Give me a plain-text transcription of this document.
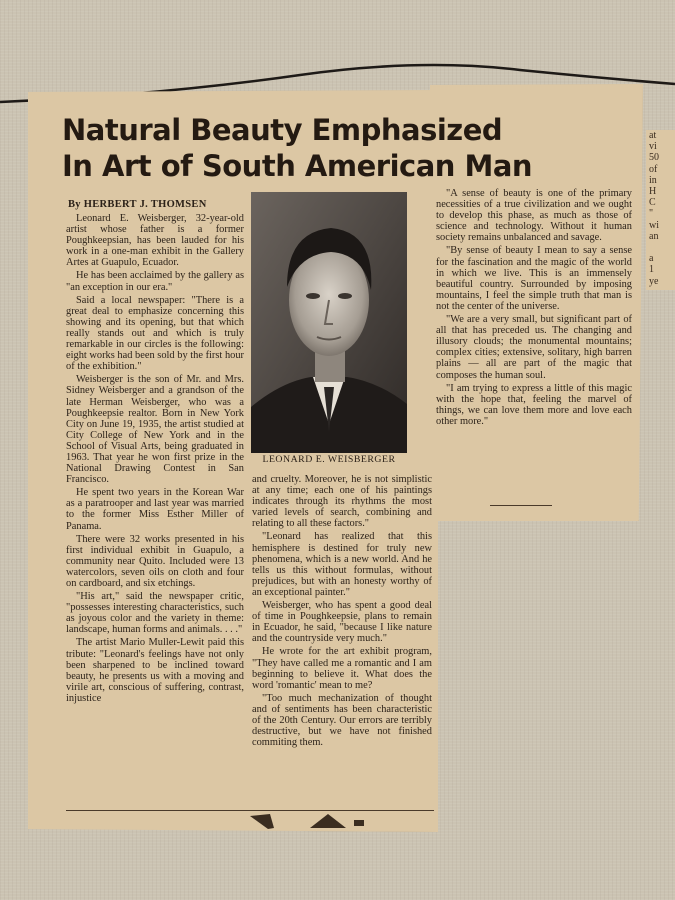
Natural Beauty Emphasized
In Art of South American Man
By HERBERT J. THOMSEN

Leonard E. Weisberger, 32-year-old artist whose father is a former Poughkeepsian, has been lauded for his work in a one-man exhibit in the Gallery Artes at Guapulo, Ecuador.

He has been acclaimed by the gallery as "an exception in our era."

Said a local newspaper: "There is a great deal to emphasize concerning this showing and its opening, but that which really stands out and which is truly remarkable in our circles is the following: eight works had been sold by the first hour of the exhibition."

Weisberger is the son of Mr. and Mrs. Sidney Weisberger and a grandson of the late Herman Weisberger, who was a Poughkeepsie realtor. Born in New York City on June 19, 1935, the artist studied at City College of New York and in the School of Visual Arts, being graduated in 1963. That year he won first prize in the National Drawing Contest in San Francisco.

He spent two years in the Korean War as a paratrooper and last year was married to the former Miss Esther Miller of Panama.

There were 32 works presented in his first individual exhibit in Guapulo, a community near Quito. Included were 13 watercolors, seven oils on cloth and four on cardboard, and six etchings.

"His art," said the newspaper critic, "possesses interesting characteristics, such as joyous color and the variety in theme: landscape, human forms and animals. . . ."

The artist Mario Muller-Lewit paid this tribute: "Leonard's feelings have not only been sharpened to be inclined toward beauty, he presents us with a moving and virile art, conscious of suffering, contrast, injustice

LEONARD E. WEISBERGER

and cruelty. Moreover, he is not simplistic at any time; each one of his paintings indicates through its rhythms the most varied levels of search, combining and relating to all these factors."

"Leonard has realized that this hemisphere is destined for truly new phenomena, which is a new world. And he tells us this without formulas, without prejudices, but with an honesty worthy of an exceptional painter."

Weisberger, who has spent a good deal of time in Poughkeepsie, plans to remain in Ecuador, he said, "because I like nature and the countryside very much."

He wrote for the art exhibit program, "They have called me a romantic and I am beginning to believe it. What does the word 'romantic' mean to me?

"Too much mechanization of thought and of sentiments has been characteristic of the 20th Century. Our errors are terribly destructive, but we have not finished commiting them.

"A sense of beauty is one of the primary necessities of a true civilization and we ought to develop this phase, as much as those of science and technology. Without it human society remains unbalanced and savage.

"By sense of beauty I mean to say a sense for the fascination and the magic of the world in which we live. This is an immensely beautiful country. Surrounded by imposing mountains, I feel the simple truth that man is not the center of the universe.

"We are a very small, but significant part of all that has preceded us. The changing and illusory clouds; the monumental mountains; complex cities; extensive, solitary, high barren plains — all are part of the magic that composes the human soul.

"I am trying to express a little of this magic with the hope that, feeling the marvel of things, we can love them more and love each other more."

at
vi
50
of
in
H
C
"
wi
an

a
1
ye
